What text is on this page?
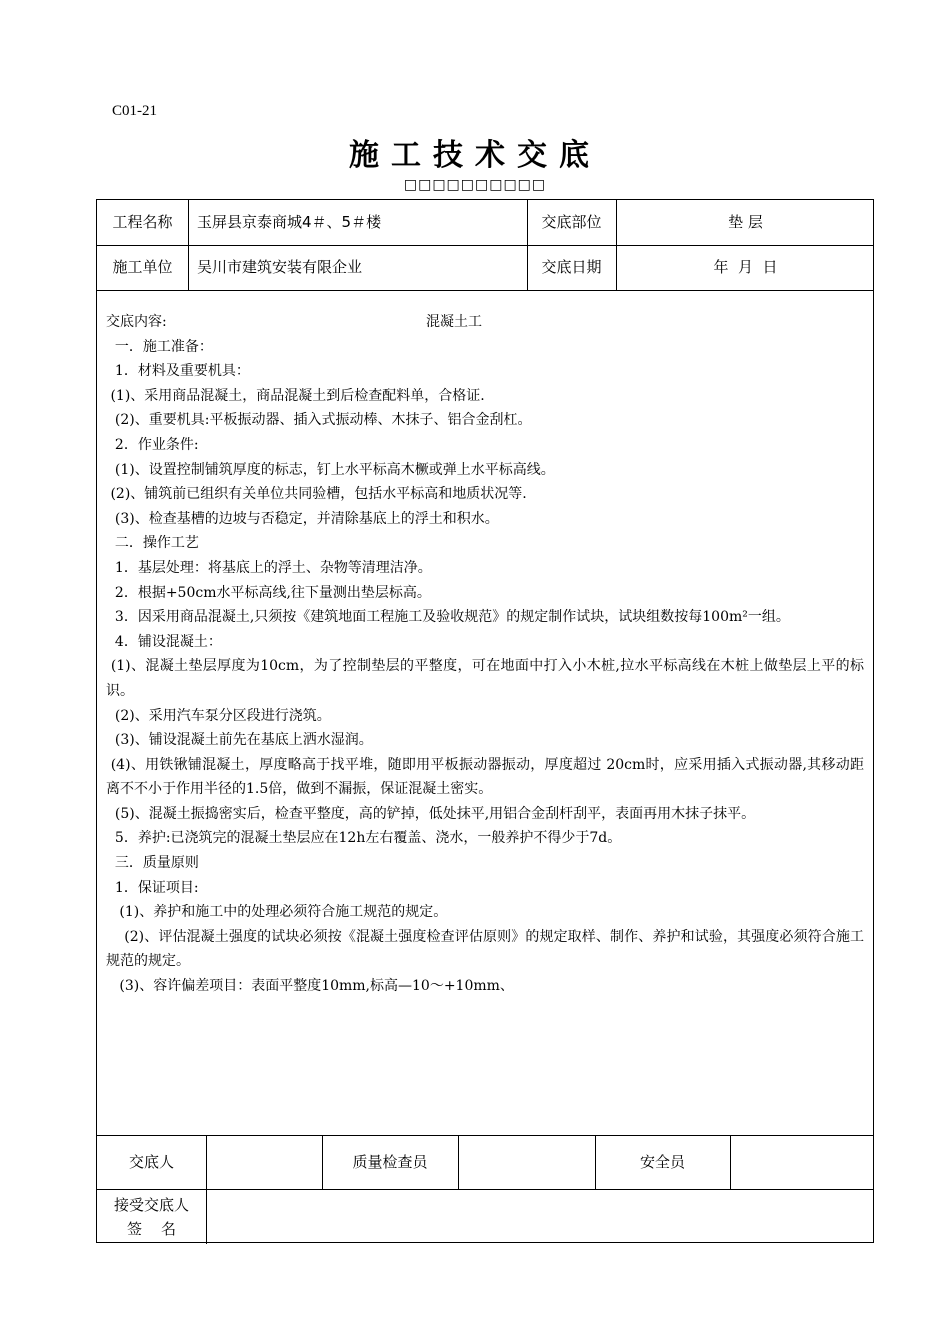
C01-21
施工技术交底
□□□□□□□□□□
工程名称	玉屏县京泰商城4＃、5＃楼	交底部位	垫 层
施工单位	吴川市建筑安装有限企业	交底日期	年  月  日
交底内容:	混凝土工

一．施工准备：

1．材料及重要机具：

(1)、采用商品混凝土，商品混凝土到后检查配料单，合格证.

(2)、重要机具:平板振动器、插入式振动棒、木抹子、铝合金刮杠。

2．作业条件:

(1)、设置控制铺筑厚度的标志，钉上水平标高木橛或弹上水平标高线。

(2)、铺筑前已组织有关单位共同验槽，包括水平标高和地质状况等.

(3)、检查基槽的边坡与否稳定，并清除基底上的浮土和积水。

二．操作工艺

1．基层处理：将基底上的浮土、杂物等清理洁净。

2．根据+50cm水平标高线,往下量测出垫层标高。

3．因采用商品混凝土,只须按《建筑地面工程施工及验收规范》的规定制作试块，试块组数按每100m²一组。

4．铺设混凝土：

(1)、混凝土垫层厚度为10cm，为了控制垫层的平整度，可在地面中打入小木桩,拉水平标高线在木桩上做垫层上平的标识。

(2)、采用汽车泵分区段进行浇筑。

(3)、铺设混凝土前先在基底上洒水湿润。

(4)、用铁锹铺混凝土，厚度略高于找平堆，随即用平板振动器振动，厚度超过 20cm时，应采用插入式振动器,其移动距离不不小于作用半径的1.5倍，做到不漏振，保证混凝土密实。

(5)、混凝土振捣密实后，检查平整度，高的铲掉，低处抹平,用铝合金刮杆刮平，表面再用木抹子抹平。

5．养护:已浇筑完的混凝土垫层应在12h左右覆盖、浇水，一般养护不得少于7d。

三．质量原则

1．保证项目:

(1)、养护和施工中的处理必须符合施工规范的规定。

(2)、评估混凝土强度的试块必须按《混凝土强度检查评估原则》的规定取样、制作、养护和试验，其强度必须符合施工规范的规定。

(3)、容许偏差项目：表面平整度10mm,标高—10～+10mm、

交底人	质量检查员	安全员
接受交底人
签    名
